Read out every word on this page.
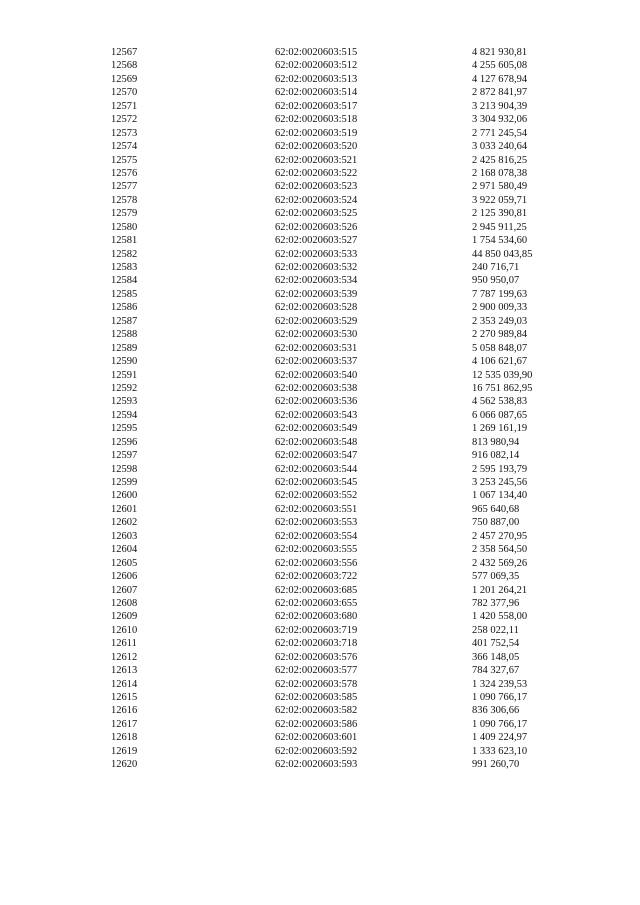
12567	62:02:0020603:515	4 821 930,81
12568	62:02:0020603:512	4 255 605,08
12569	62:02:0020603:513	4 127 678,94
12570	62:02:0020603:514	2 872 841,97
12571	62:02:0020603:517	3 213 904,39
12572	62:02:0020603:518	3 304 932,06
12573	62:02:0020603:519	2 771 245,54
12574	62:02:0020603:520	3 033 240,64
12575	62:02:0020603:521	2 425 816,25
12576	62:02:0020603:522	2 168 078,38
12577	62:02:0020603:523	2 971 580,49
12578	62:02:0020603:524	3 922 059,71
12579	62:02:0020603:525	2 125 390,81
12580	62:02:0020603:526	2 945 911,25
12581	62:02:0020603:527	1 754 534,60
12582	62:02:0020603:533	44 850 043,85
12583	62:02:0020603:532	240 716,71
12584	62:02:0020603:534	950 950,07
12585	62:02:0020603:539	7 787 199,63
12586	62:02:0020603:528	2 900 009,33
12587	62:02:0020603:529	2 353 249,03
12588	62:02:0020603:530	2 270 989,84
12589	62:02:0020603:531	5 058 848,07
12590	62:02:0020603:537	4 106 621,67
12591	62:02:0020603:540	12 535 039,90
12592	62:02:0020603:538	16 751 862,95
12593	62:02:0020603:536	4 562 538,83
12594	62:02:0020603:543	6 066 087,65
12595	62:02:0020603:549	1 269 161,19
12596	62:02:0020603:548	813 980,94
12597	62:02:0020603:547	916 082,14
12598	62:02:0020603:544	2 595 193,79
12599	62:02:0020603:545	3 253 245,56
12600	62:02:0020603:552	1 067 134,40
12601	62:02:0020603:551	965 640,68
12602	62:02:0020603:553	750 887,00
12603	62:02:0020603:554	2 457 270,95
12604	62:02:0020603:555	2 358 564,50
12605	62:02:0020603:556	2 432 569,26
12606	62:02:0020603:722	577 069,35
12607	62:02:0020603:685	1 201 264,21
12608	62:02:0020603:655	782 377,96
12609	62:02:0020603:680	1 420 558,00
12610	62:02:0020603:719	258 022,11
12611	62:02:0020603:718	401 752,54
12612	62:02:0020603:576	366 148,05
12613	62:02:0020603:577	784 327,67
12614	62:02:0020603:578	1 324 239,53
12615	62:02:0020603:585	1 090 766,17
12616	62:02:0020603:582	836 306,66
12617	62:02:0020603:586	1 090 766,17
12618	62:02:0020603:601	1 409 224,97
12619	62:02:0020603:592	1 333 623,10
12620	62:02:0020603:593	991 260,70
